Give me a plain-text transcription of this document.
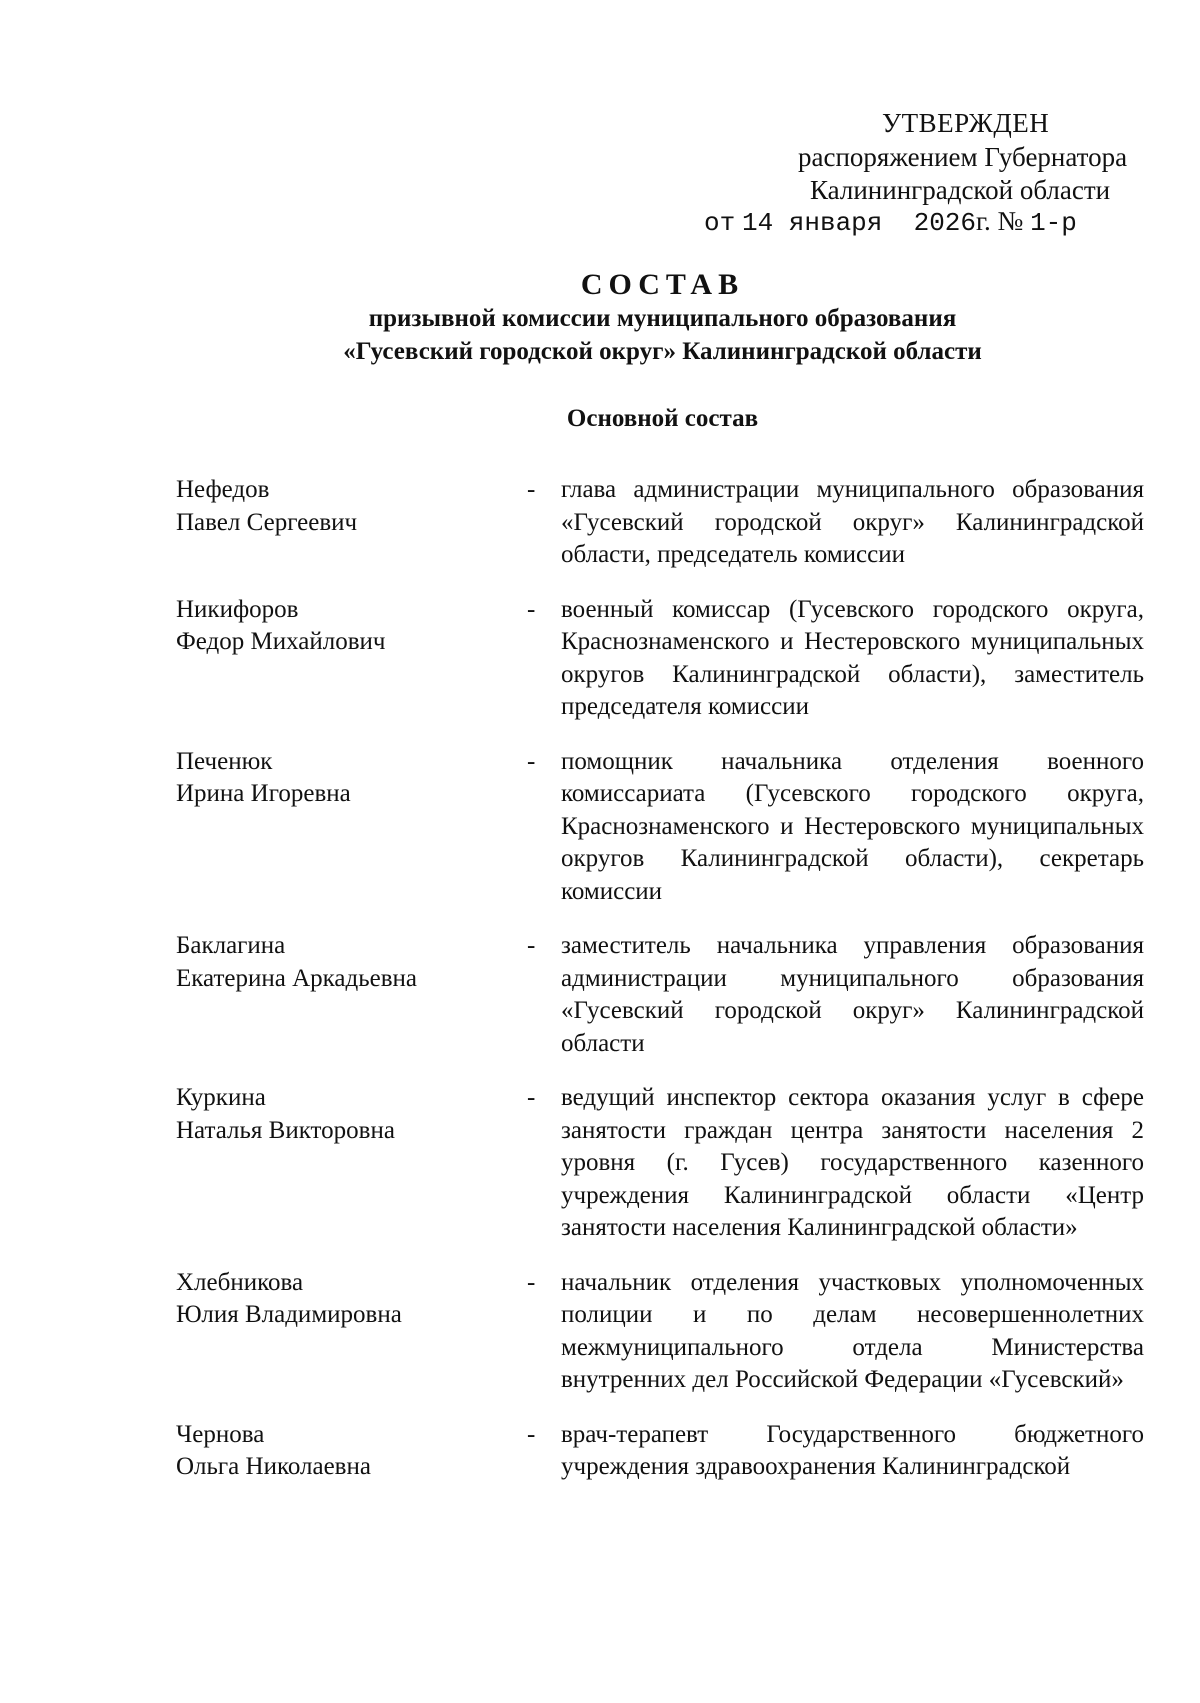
УТВЕРЖДЕН
распоряжением Губернатора
Калининградской области
от 14 января  2026г. № 1-р
СОСТАВ
призывной комиссии муниципального образования
«Гусевский городской округ» Калининградской области
Основной состав
Нефедов
Павел Сергеевич
-	глава администрации муниципального образования «Гусевский городской округ» Калининградской области, председатель комиссии
Никифоров
Федор Михайлович
-	военный комиссар (Гусевского городского округа, Краснознаменского и Нестеровского муниципальных округов Калининградской области), заместитель председателя комиссии
Печенюк
Ирина Игоревна
-	помощник начальника отделения военного комиссариата (Гусевского городского округа, Краснознаменского и Нестеровского муниципальных округов Калининградской области), секретарь комиссии
Баклагина
Екатерина Аркадьевна
-	заместитель начальника управления образования администрации муниципального образования «Гусевский городской округ» Калининградской области
Куркина
Наталья Викторовна
-	ведущий инспектор сектора оказания услуг в сфере занятости граждан центра занятости населения 2 уровня (г. Гусев) государственного казенного учреждения Калининградской области «Центр занятости населения Калининградской области»
Хлебникова
Юлия Владимировна
-	начальник отделения участковых уполномоченных полиции и по делам несовершеннолетних межмуниципального отдела Министерства внутренних дел Российской Федерации «Гусевский»
Чернова
Ольга Николаевна
-	врач-терапевт Государственного бюджетного учреждения здравоохранения Калининградской
